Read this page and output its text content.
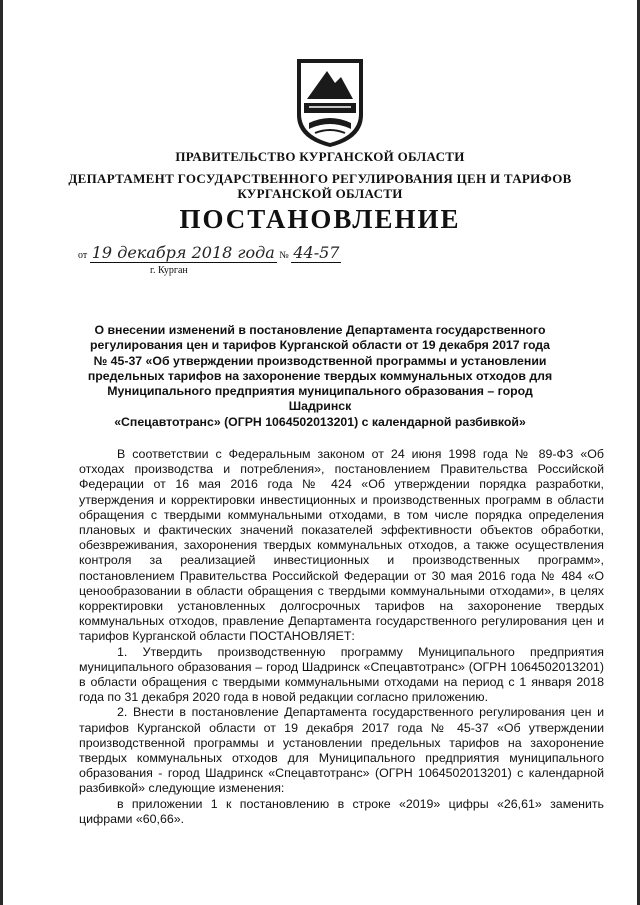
ПРАВИТЕЛЬСТВО КУРГАНСКОЙ ОБЛАСТИ
ДЕПАРТАМЕНТ ГОСУДАРСТВЕННОГО РЕГУЛИРОВАНИЯ ЦЕН И ТАРИФОВ
КУРГАНСКОЙ ОБЛАСТИ
ПОСТАНОВЛЕНИЕ
от 19 декабря 2018 года № 44-57
г. Курган
О внесении изменений в постановление Департамента государственного
регулирования цен и тарифов Курганской области от 19 декабря 2017 года
№ 45-37 «Об утверждении производственной программы и установлении
предельных тарифов на захоронение твердых коммунальных отходов для
Муниципального предприятия муниципального образования – город Шадринск
«Спецавтотранс» (ОГРН 1064502013201) с календарной разбивкой»

В соответствии с Федеральным законом от 24 июня 1998 года № 89-ФЗ «Об отходах производства и потребления», постановлением Правительства Российской Федерации от 16 мая 2016 года № 424 «Об утверждении порядка разработки, утверждения и корректировки инвестиционных и производственных программ в области обращения с твердыми коммунальными отходами, в том числе порядка определения плановых и фактических значений показателей эффективности объектов обработки, обезвреживания, захоронения твердых коммунальных отходов, а также осуществления контроля за реализацией инвестиционных и производственных программ», постановлением Правительства Российской Федерации от 30 мая 2016 года № 484 «О ценообразовании в области обращения с твердыми коммунальными отходами», в целях корректировки установленных долгосрочных тарифов на захоронение твердых коммунальных отходов, правление Департамента государственного регулирования цен и тарифов Курганской области ПОСТАНОВЛЯЕТ:

1. Утвердить производственную программу Муниципального предприятия муниципального образования – город Шадринск «Спецавтотранс» (ОГРН 1064502013201) в области обращения с твердыми коммунальными отходами на период с 1 января 2018 года по 31 декабря 2020 года в новой редакции согласно приложению.

2. Внести в постановление Департамента государственного регулирования цен и тарифов Курганской области от 19 декабря 2017 года № 45-37 «Об утверждении производственной программы и установлении предельных тарифов на захоронение твердых коммунальных отходов для Муниципального предприятия муниципального образования - город Шадринск «Спецавтотранс» (ОГРН 1064502013201) с календарной разбивкой» следующие изменения:

в приложении 1 к постановлению в строке «2019» цифры «26,61» заменить цифрами «60,66».
